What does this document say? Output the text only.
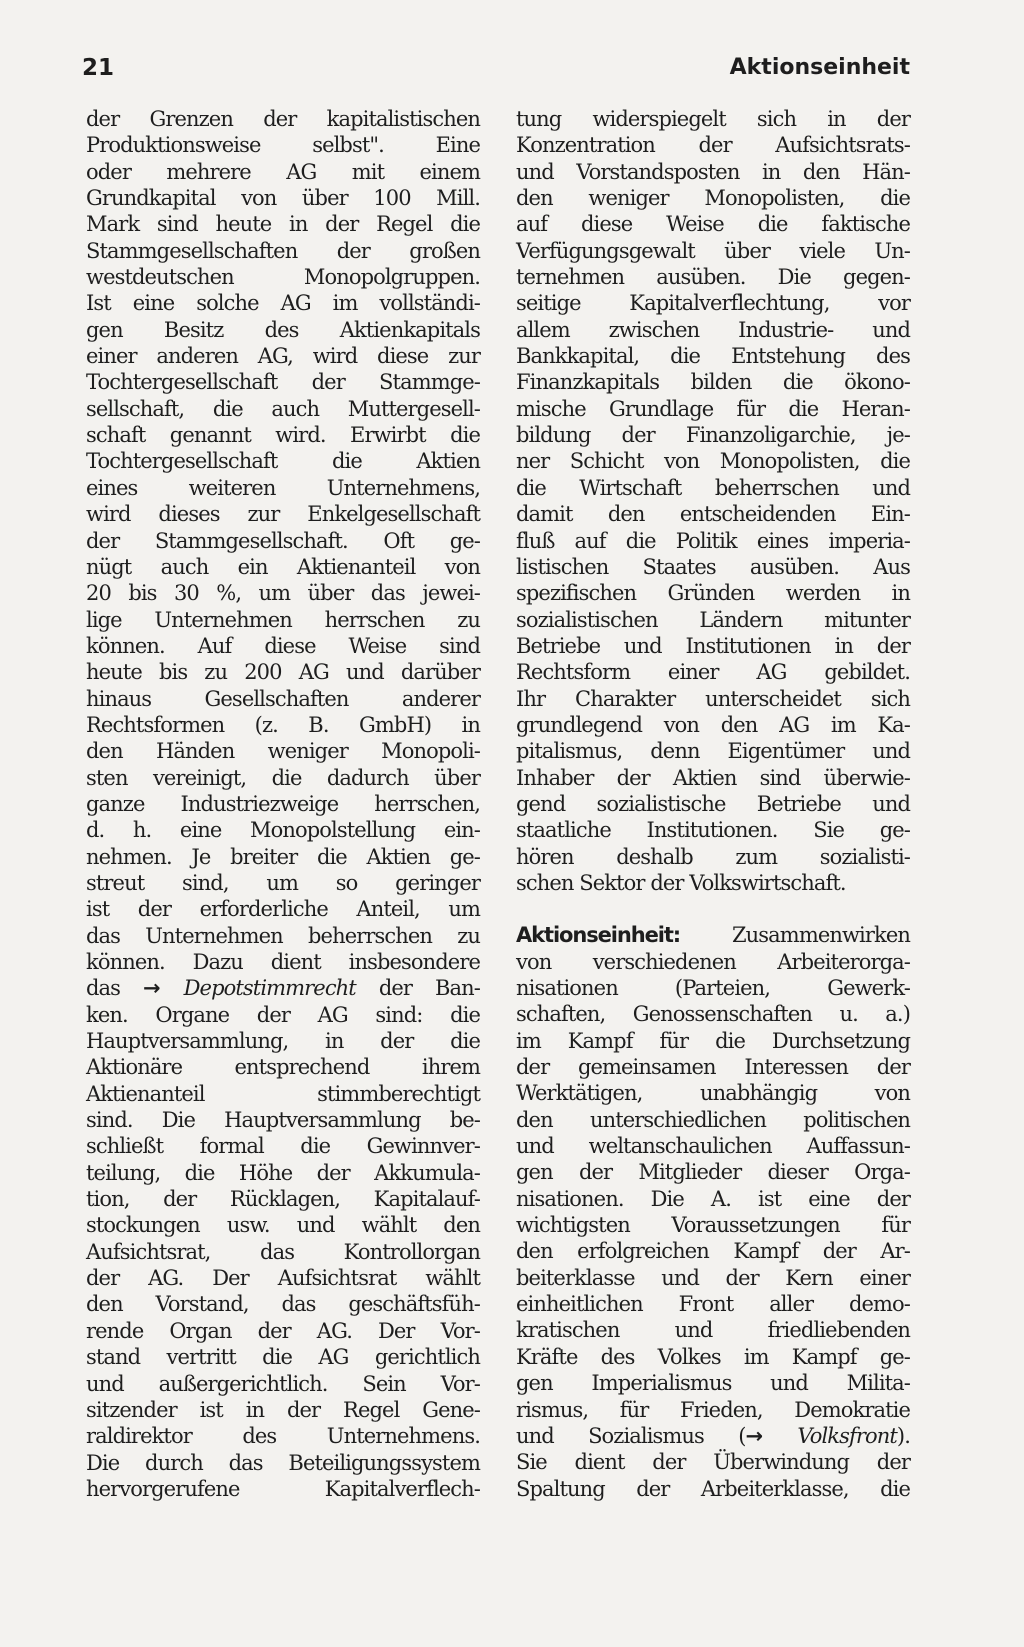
21	Aktionseinheit
der Grenzen der kapitalistischen
Produktionsweise selbst". Eine
oder mehrere AG mit einem
Grundkapital von über 100 Mill.
Mark sind heute in der Regel die
Stammgesellschaften der großen
westdeutschen Monopolgruppen.
Ist eine solche AG im vollständi-
gen Besitz des Aktienkapitals
einer anderen AG, wird diese zur
Tochtergesellschaft der Stammge-
sellschaft, die auch Muttergesell-
schaft genannt wird. Erwirbt die
Tochtergesellschaft die Aktien
eines weiteren Unternehmens,
wird dieses zur Enkelgesellschaft
der Stammgesellschaft. Oft ge-
nügt auch ein Aktienanteil von
20 bis 30 %, um über das jewei-
lige Unternehmen herrschen zu
können. Auf diese Weise sind
heute bis zu 200 AG und darüber
hinaus Gesellschaften anderer
Rechtsformen (z. B. GmbH) in
den Händen weniger Monopoli-
sten vereinigt, die dadurch über
ganze Industriezweige herrschen,
d. h. eine Monopolstellung ein-
nehmen. Je breiter die Aktien ge-
streut sind, um so geringer
ist der erforderliche Anteil, um
das Unternehmen beherrschen zu
können. Dazu dient insbesondere
das → Depotstimmrecht der Ban-
ken. Organe der AG sind: die
Hauptversammlung, in der die
Aktionäre entsprechend ihrem
Aktienanteil stimmberechtigt
sind. Die Hauptversammlung be-
schließt formal die Gewinnver-
teilung, die Höhe der Akkumula-
tion, der Rücklagen, Kapitalauf-
stockungen usw. und wählt den
Aufsichtsrat, das Kontrollorgan
der AG. Der Aufsichtsrat wählt
den Vorstand, das geschäftsfüh-
rende Organ der AG. Der Vor-
stand vertritt die AG gerichtlich
und außergerichtlich. Sein Vor-
sitzender ist in der Regel Gene-
raldirektor des Unternehmens.
Die durch das Beteiligungssystem
hervorgerufene Kapitalverflech-
tung widerspiegelt sich in der
Konzentration der Aufsichtsrats-
und Vorstandsposten in den Hän-
den weniger Monopolisten, die
auf diese Weise die faktische
Verfügungsgewalt über viele Un-
ternehmen ausüben. Die gegen-
seitige Kapitalverflechtung, vor
allem zwischen Industrie- und
Bankkapital, die Entstehung des
Finanzkapitals bilden die ökono-
mische Grundlage für die Heran-
bildung der Finanzoligarchie, je-
ner Schicht von Monopolisten, die
die Wirtschaft beherrschen und
damit den entscheidenden Ein-
fluß auf die Politik eines imperia-
listischen Staates ausüben. Aus
spezifischen Gründen werden in
sozialistischen Ländern mitunter
Betriebe und Institutionen in der
Rechtsform einer AG gebildet.
Ihr Charakter unterscheidet sich
grundlegend von den AG im Ka-
pitalismus, denn Eigentümer und
Inhaber der Aktien sind überwie-
gend sozialistische Betriebe und
staatliche Institutionen. Sie ge-
hören deshalb zum sozialisti-
schen Sektor der Volkswirtschaft.
Aktionseinheit: Zusammenwirken
von verschiedenen Arbeiterorga-
nisationen (Parteien, Gewerk-
schaften, Genossenschaften u. a.)
im Kampf für die Durchsetzung
der gemeinsamen Interessen der
Werktätigen, unabhängig von
den unterschiedlichen politischen
und weltanschaulichen Auffassun-
gen der Mitglieder dieser Orga-
nisationen. Die A. ist eine der
wichtigsten Voraussetzungen für
den erfolgreichen Kampf der Ar-
beiterklasse und der Kern einer
einheitlichen Front aller demo-
kratischen und friedliebenden
Kräfte des Volkes im Kampf ge-
gen Imperialismus und Milita-
rismus, für Frieden, Demokratie
und Sozialismus (→ Volksfront).
Sie dient der Überwindung der
Spaltung der Arbeiterklasse, die
